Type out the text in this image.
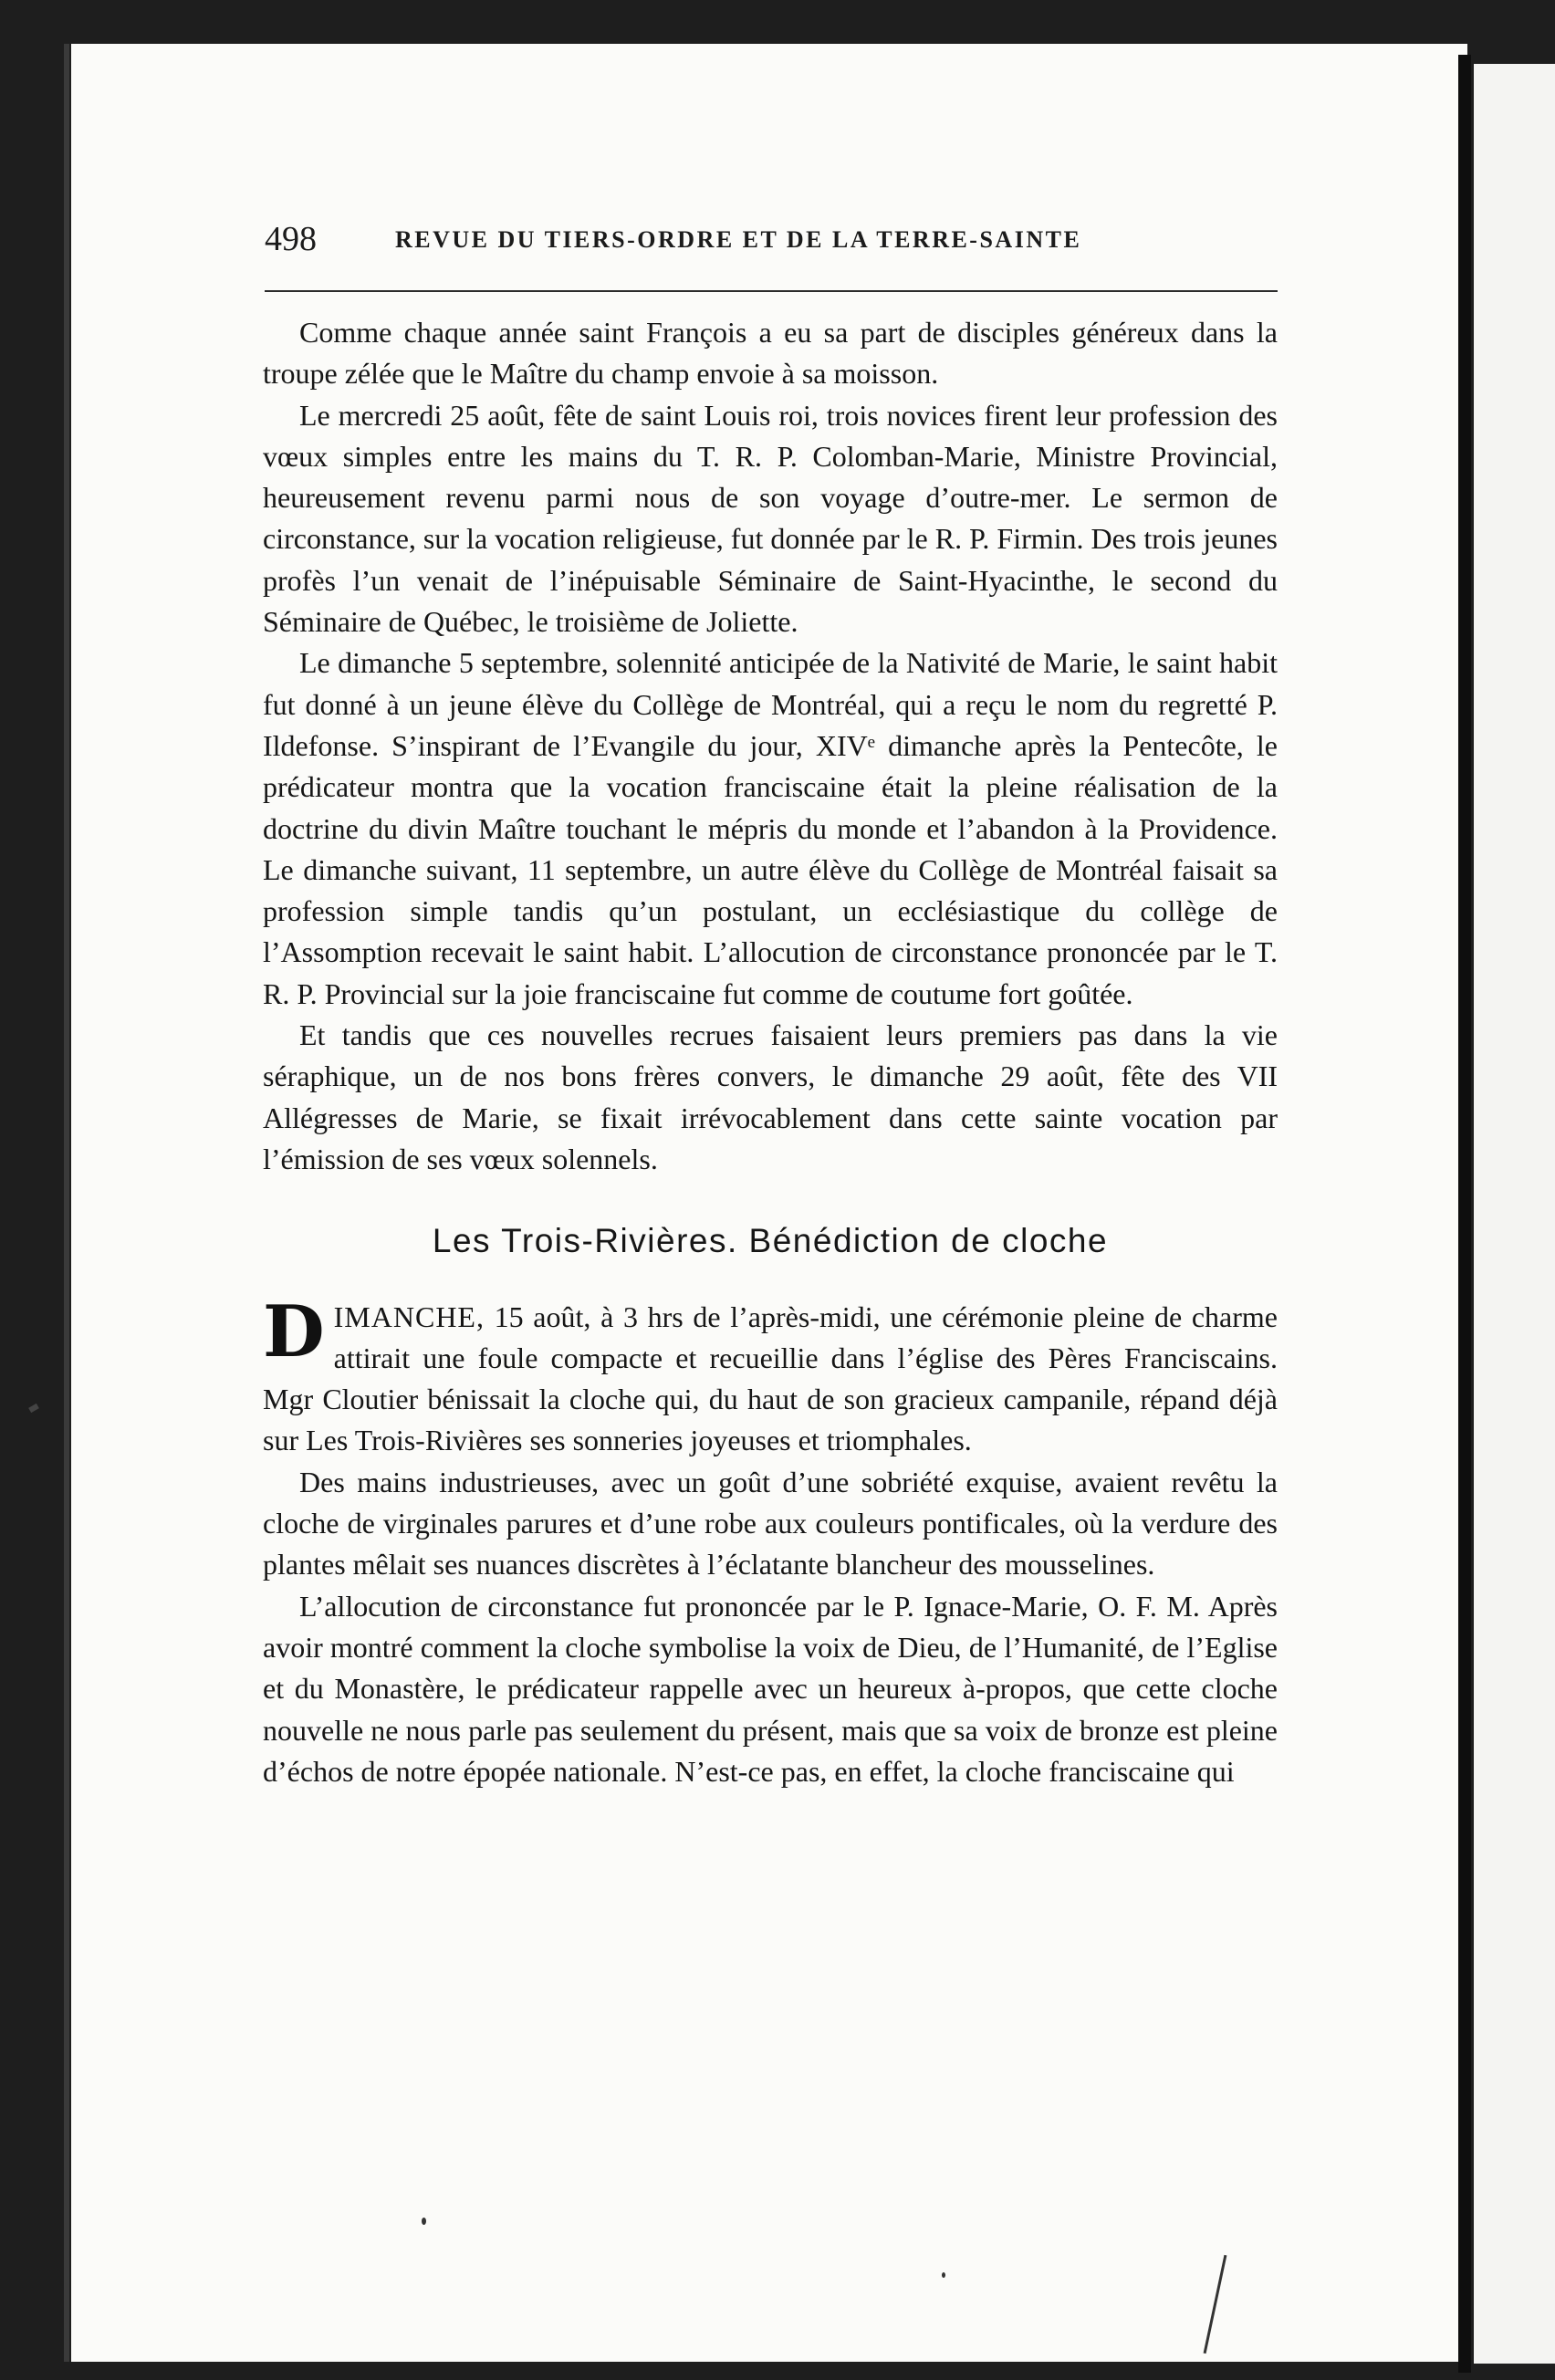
498	REVUE DU TIERS-ORDRE ET DE LA TERRE-SAINTE

Comme chaque année saint François a eu sa part de disciples généreux dans la troupe zélée que le Maître du champ envoie à sa moisson.

Le mercredi 25 août, fête de saint Louis roi, trois novices firent leur profession des vœux simples entre les mains du T. R. P. Colomban-Marie, Ministre Provincial, heureusement revenu parmi nous de son voyage d’outre-mer. Le sermon de circonstance, sur la vocation religieuse, fut donnée par le R. P. Firmin. Des trois jeunes profès l’un venait de l’inépuisable Séminaire de Saint-Hyacinthe, le second du Séminaire de Québec, le troisième de Joliette.

Le dimanche 5 septembre, solennité anticipée de la Nativité de Marie, le saint habit fut donné à un jeune élève du Collège de Montréal, qui a reçu le nom du regretté P. Ildefonse. S’inspirant de l’Evangile du jour, XIVᵉ dimanche après la Pentecôte, le prédicateur montra que la vocation franciscaine était la pleine réalisation de la doctrine du divin Maître touchant le mépris du monde et l’abandon à la Providence. Le dimanche suivant, 11 septembre, un autre élève du Collège de Montréal faisait sa profession simple tandis qu’un postulant, un ecclésiastique du collège de l’Assomption recevait le saint habit. L’allocution de circonstance prononcée par le T. R. P. Provincial sur la joie franciscaine fut comme de coutume fort goûtée.

Et tandis que ces nouvelles recrues faisaient leurs premiers pas dans la vie séraphique, un de nos bons frères convers, le dimanche 29 août, fête des VII Allégresses de Marie, se fixait irrévocablement dans cette sainte vocation par l’émission de ses vœux solennels.

Les Trois-Rivières. Bénédiction de cloche

DIMANCHE, 15 août, à 3 hrs de l’après-midi, une cérémonie pleine de charme attirait une foule compacte et recueillie dans l’église des Pères Franciscains. Mgr Cloutier bénissait la cloche qui, du haut de son gracieux campanile, répand déjà sur Les Trois-Rivières ses sonneries joyeuses et triomphales.

Des mains industrieuses, avec un goût d’une sobriété exquise, avaient revêtu la cloche de virginales parures et d’une robe aux couleurs pontificales, où la verdure des plantes mêlait ses nuances discrètes à l’éclatante blancheur des mousselines.

L’allocution de circonstance fut prononcée par le P. Ignace-Marie, O. F. M. Après avoir montré comment la cloche symbolise la voix de Dieu, de l’Humanité, de l’Eglise et du Monastère, le prédicateur rappelle avec un heureux à-propos, que cette cloche nouvelle ne nous parle pas seulement du présent, mais que sa voix de bronze est pleine d’échos de notre épopée nationale. N’est-ce pas, en effet, la cloche franciscaine qui
